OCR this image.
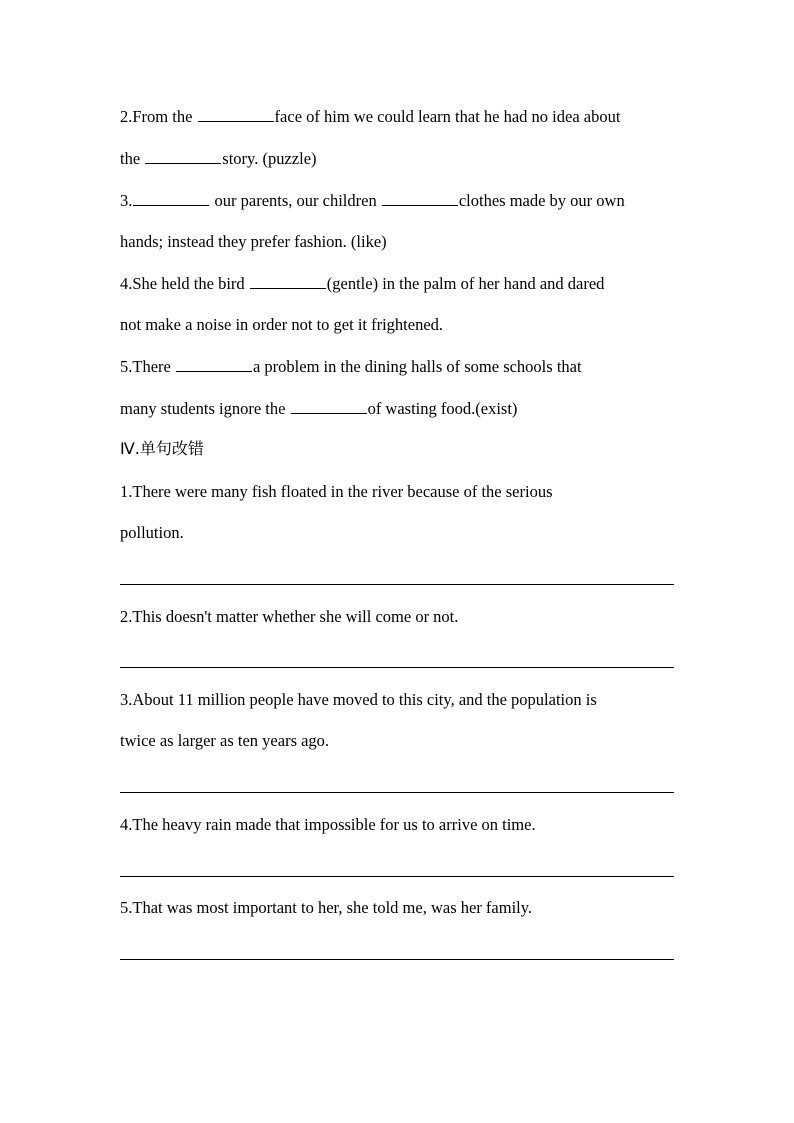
2.From the	face of him we could learn that he had no idea about
the	story. (puzzle)
3.	our parents, our children	clothes made by our own
hands; instead they prefer fashion. (like)
4.She held the bird	(gentle) in the palm of her hand and dared
not make a noise in order not to get it frightened.
5.There	a problem in the dining halls of some schools that
many students ignore the	of wasting food.(exist)
Ⅳ.单句改错
1.There were many fish floated in the river because of the serious
pollution.
2.This doesn't matter whether she will come or not.
3.About 11 million people have moved to this city, and the population is
twice as larger as ten years ago.
4.The heavy rain made that impossible for us to arrive on time.
5.That was most important to her, she told me, was her family.
